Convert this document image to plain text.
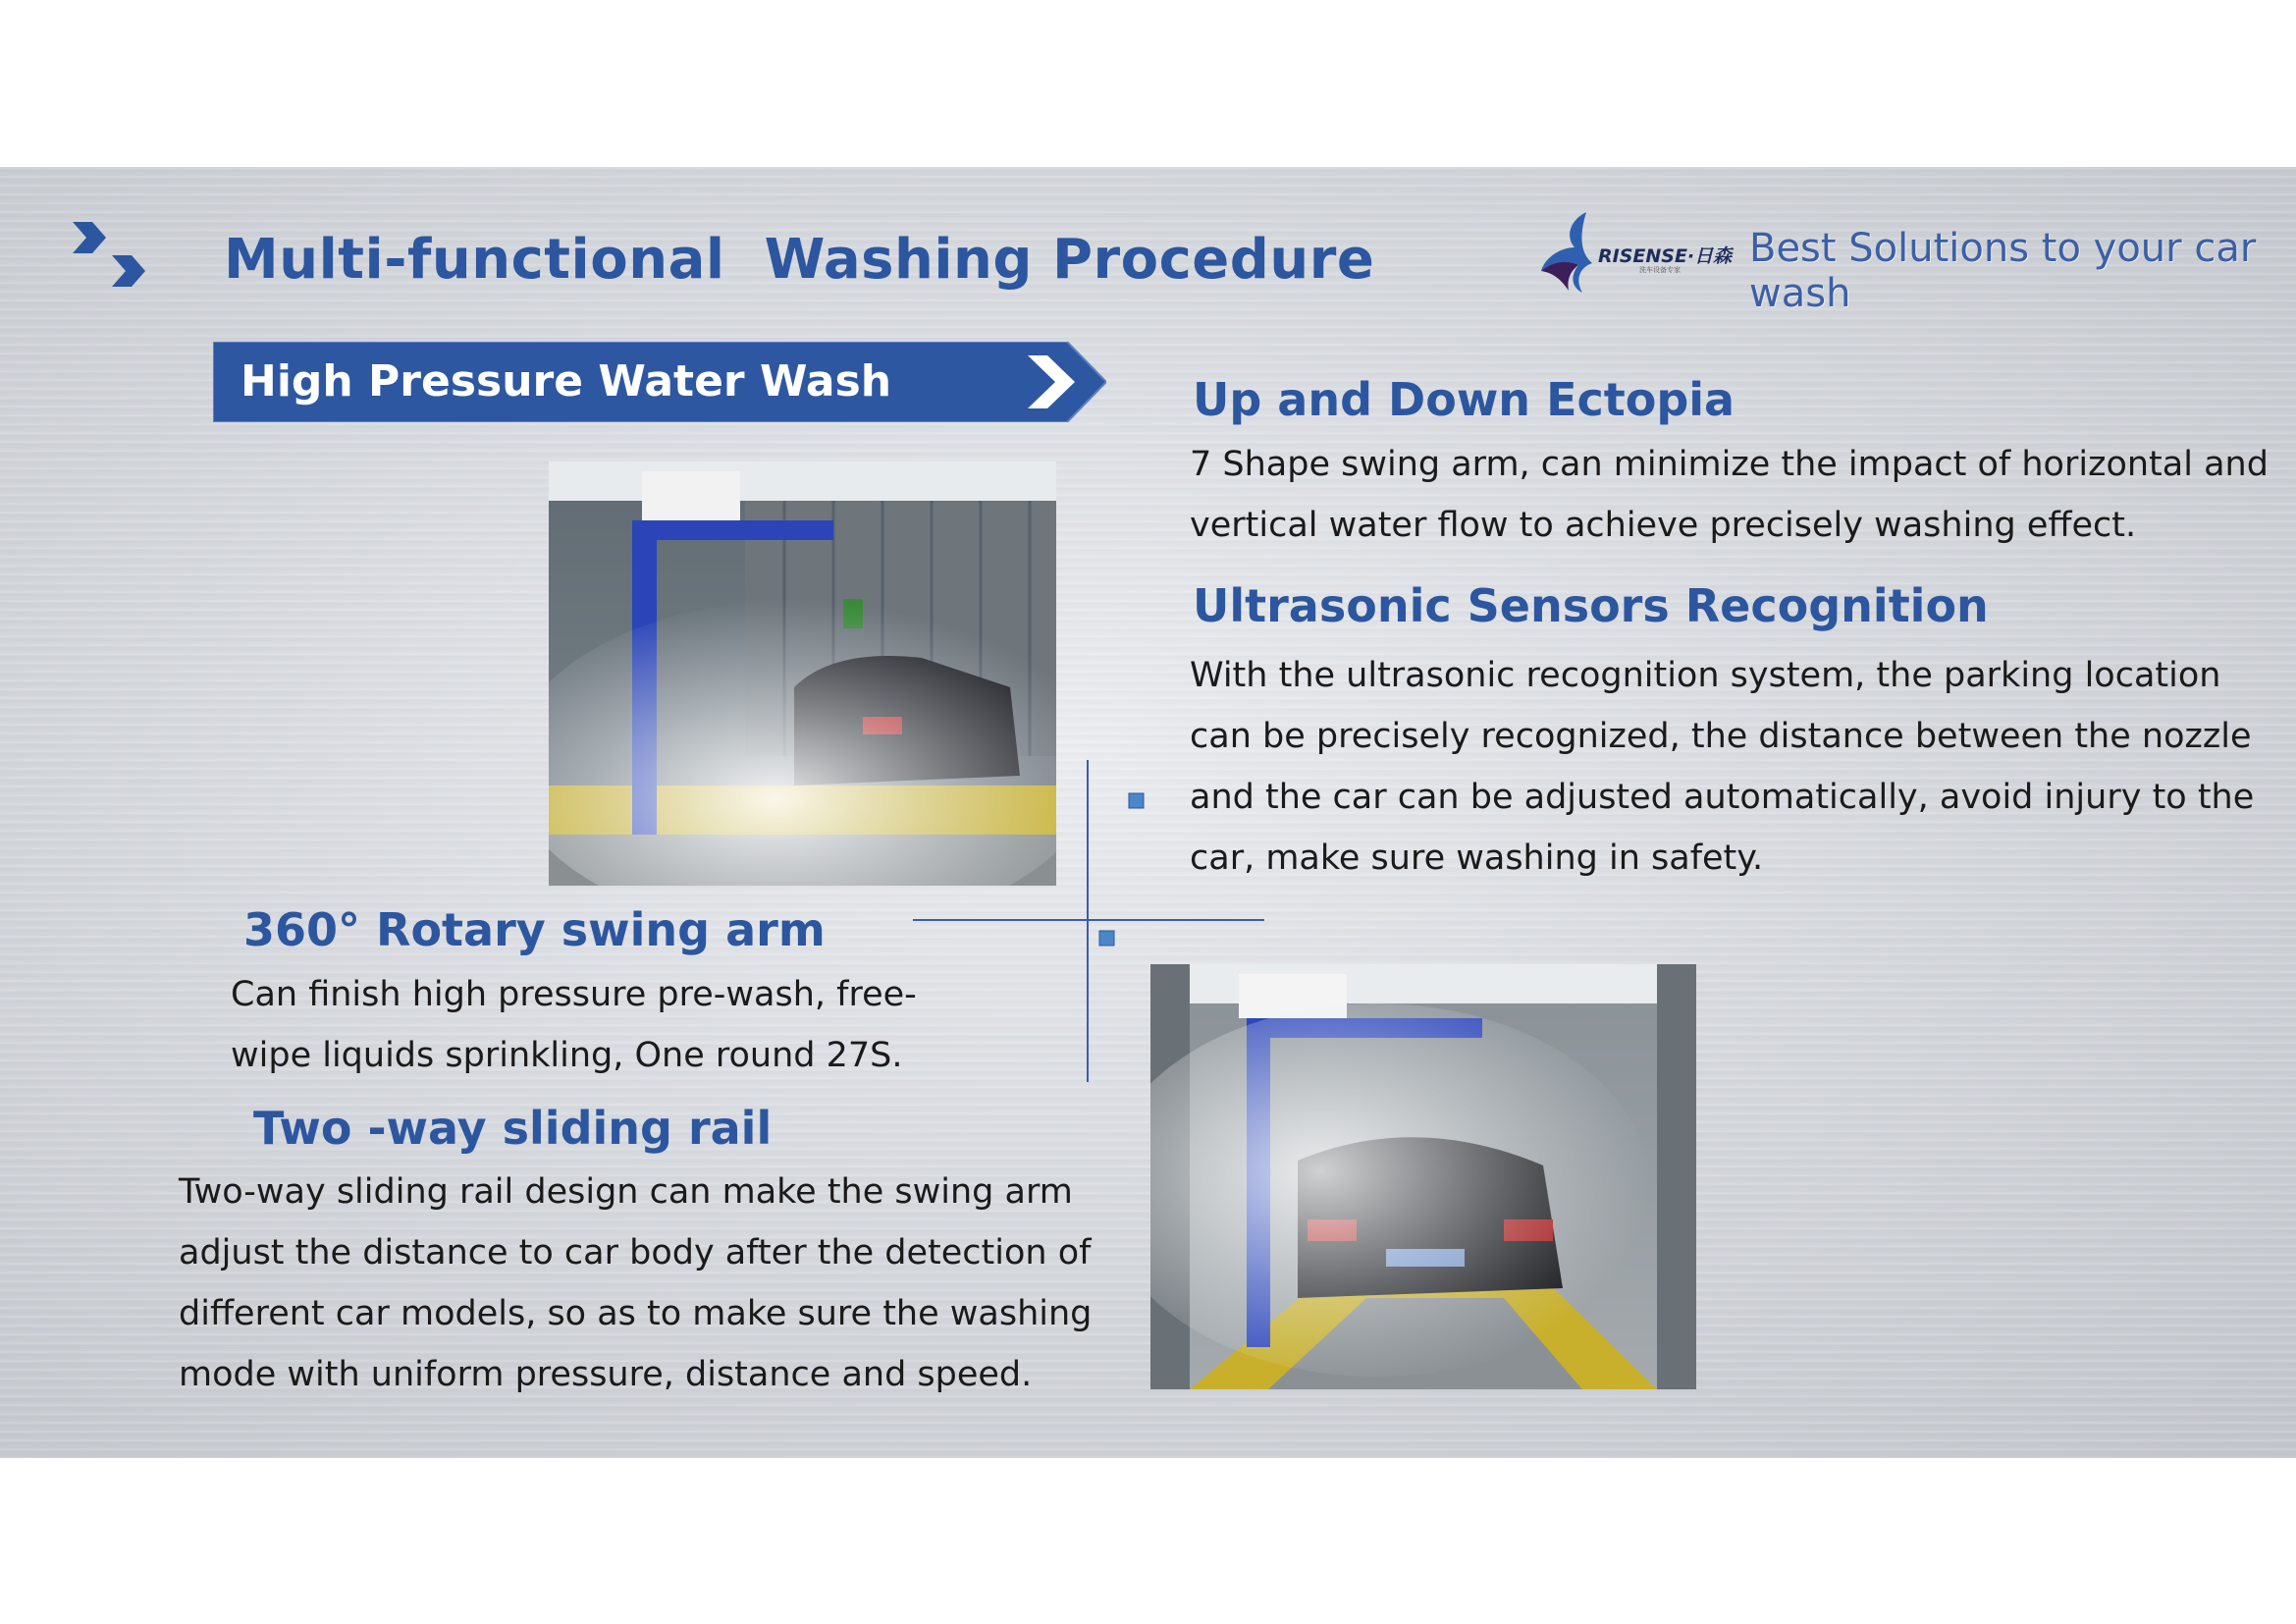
Multi-functional  Washing Procedure	RISENSE·日森
洗车设备专家 Best Solutions to your car wash
High Pressure Water Wash	Up and Down Ectopia

7 Shape swing arm, can minimize the impact of horizontal and vertical water flow to achieve precisely washing effect.

Ultrasonic Sensors Recognition

With the ultrasonic recognition system, the parking location can be precisely recognized, the distance between the nozzle and the car can be adjusted automatically, avoid injury to the car, make sure washing in safety.

360° Rotary swing arm

Can finish high pressure pre-wash, free-wipe liquids sprinkling, One round 27S.

Two -way sliding rail

Two-way sliding rail design can make the swing arm adjust the distance to car body after the detection of different car models, so as to make sure the washing mode with uniform pressure, distance and speed.
